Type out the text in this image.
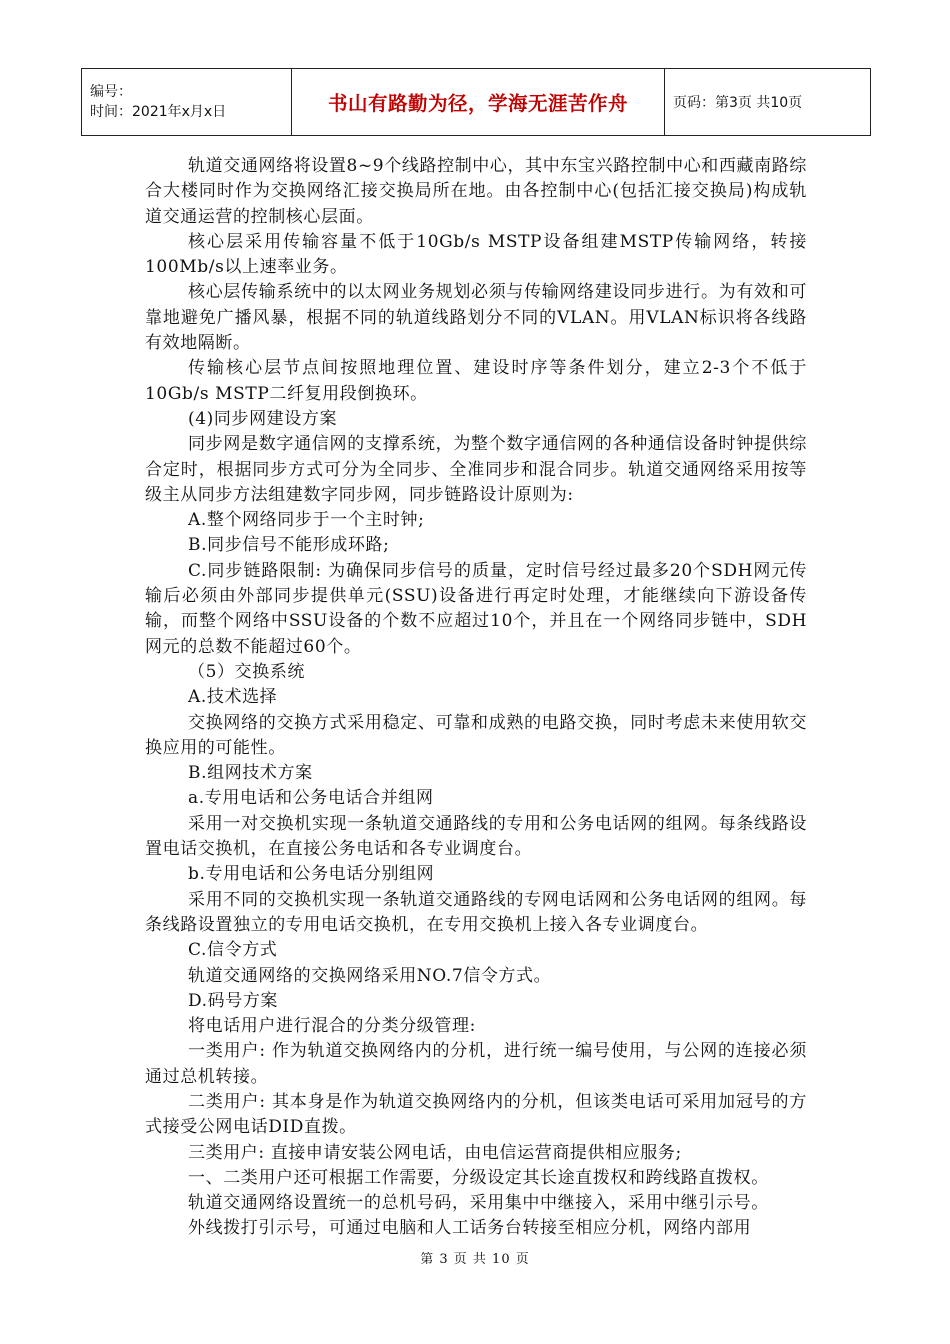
编号：
时间：2021年x月x日	书山有路勤为径，学海无涯苦作舟	页码：第3页 共10页

轨道交通网络将设置8~9个线路控制中心，其中东宝兴路控制中心和西藏南路综合大楼同时作为交换网络汇接交换局所在地。由各控制中心(包括汇接交换局)构成轨道交通运营的控制核心层面。

核心层采用传输容量不低于10Gb/s MSTP设备组建MSTP传输网络，转接100Mb/s以上速率业务。

核心层传输系统中的以太网业务规划必须与传输网络建设同步进行。为有效和可靠地避免广播风暴，根据不同的轨道线路划分不同的VLAN。用VLAN标识将各线路有效地隔断。

传输核心层节点间按照地理位置、建设时序等条件划分，建立2-3个不低于10Gb/s MSTP二纤复用段倒换环。

(4)同步网建设方案

同步网是数字通信网的支撑系统，为整个数字通信网的各种通信设备时钟提供综合定时，根据同步方式可分为全同步、全准同步和混合同步。轨道交通网络采用按等级主从同步方法组建数字同步网，同步链路设计原则为:

A.整个网络同步于一个主时钟;

B.同步信号不能形成环路;

C.同步链路限制: 为确保同步信号的质量，定时信号经过最多20个SDH网元传输后必须由外部同步提供单元(SSU)设备进行再定时处理，才能继续向下游设备传输，而整个网络中SSU设备的个数不应超过10个，并且在一个网络同步链中，SDH网元的总数不能超过60个。

（5）交换系统

A.技术选择

交换网络的交换方式采用稳定、可靠和成熟的电路交换，同时考虑未来使用软交换应用的可能性。

B.组网技术方案

a.专用电话和公务电话合并组网

采用一对交换机实现一条轨道交通路线的专用和公务电话网的组网。每条线路设置电话交换机，在直接公务电话和各专业调度台。

b.专用电话和公务电话分别组网

采用不同的交换机实现一条轨道交通路线的专网电话网和公务电话网的组网。每条线路设置独立的专用电话交换机，在专用交换机上接入各专业调度台。

C.信令方式

轨道交通网络的交换网络采用NO.7信令方式。

D.码号方案

将电话用户进行混合的分类分级管理:

一类用户: 作为轨道交换网络内的分机，进行统一编号使用，与公网的连接必须通过总机转接。

二类用户: 其本身是作为轨道交换网络内的分机，但该类电话可采用加冠号的方式接受公网电话DID直拨。

三类用户: 直接申请安装公网电话，由电信运营商提供相应服务;

一、二类用户还可根据工作需要，分级设定其长途直拨权和跨线路直拨权。

轨道交通网络设置统一的总机号码，采用集中中继接入，采用中继引示号。

外线拨打引示号，可通过电脑和人工话务台转接至相应分机，网络内部用

第 3 页 共 10 页
